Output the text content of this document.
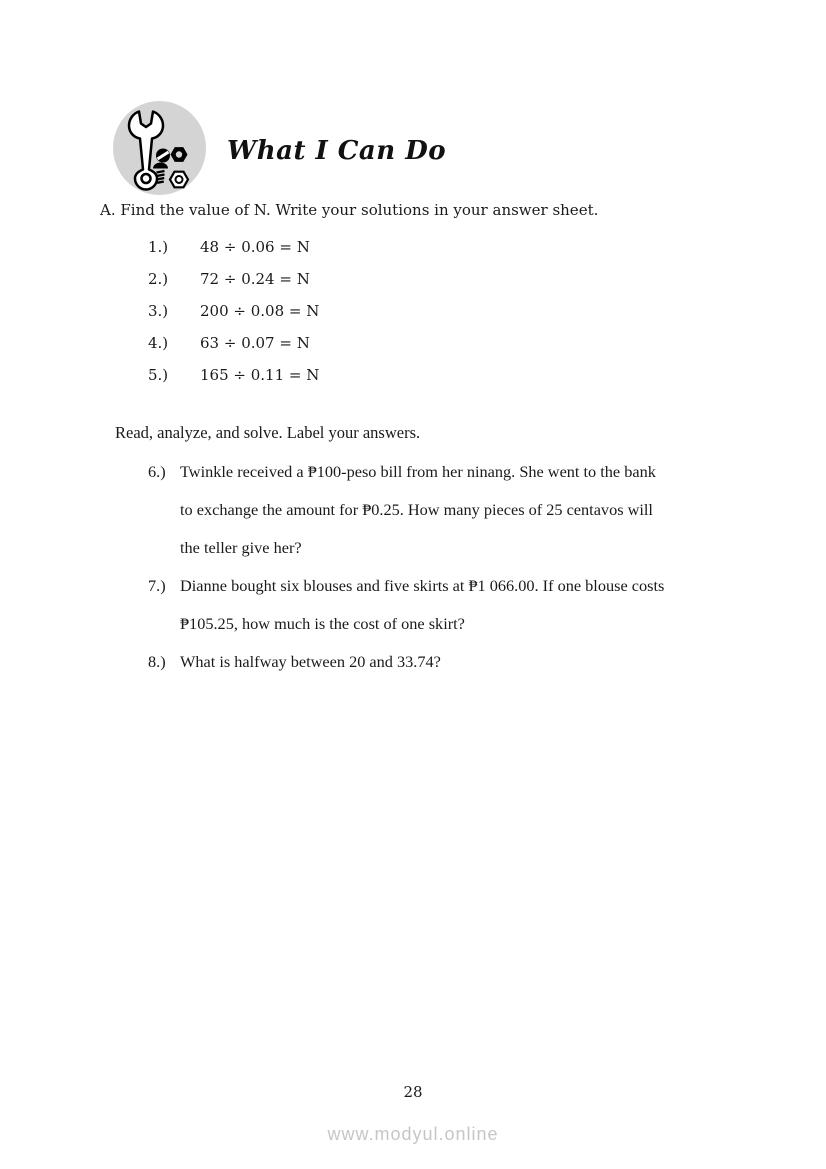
What I Can Do
A. Find the value of N. Write your solutions in your answer sheet.
1.) 48 ÷ 0.06 = N
2.) 72 ÷ 0.24 = N
3.) 200 ÷ 0.08 = N
4.) 63 ÷ 0.07 = N
5.) 165 ÷ 0.11 = N
Read, analyze, and solve. Label your answers.
6.) Twinkle received a ₱100-peso bill from her ninang. She went to the bank
to exchange the amount for ₱0.25. How many pieces of 25 centavos will
the teller give her?
7.) Dianne bought six blouses and five skirts at ₱1 066.00. If one blouse costs
₱105.25, how much is the cost of one skirt?
8.) What is halfway between 20 and 33.74?
28
www.modyul.online
